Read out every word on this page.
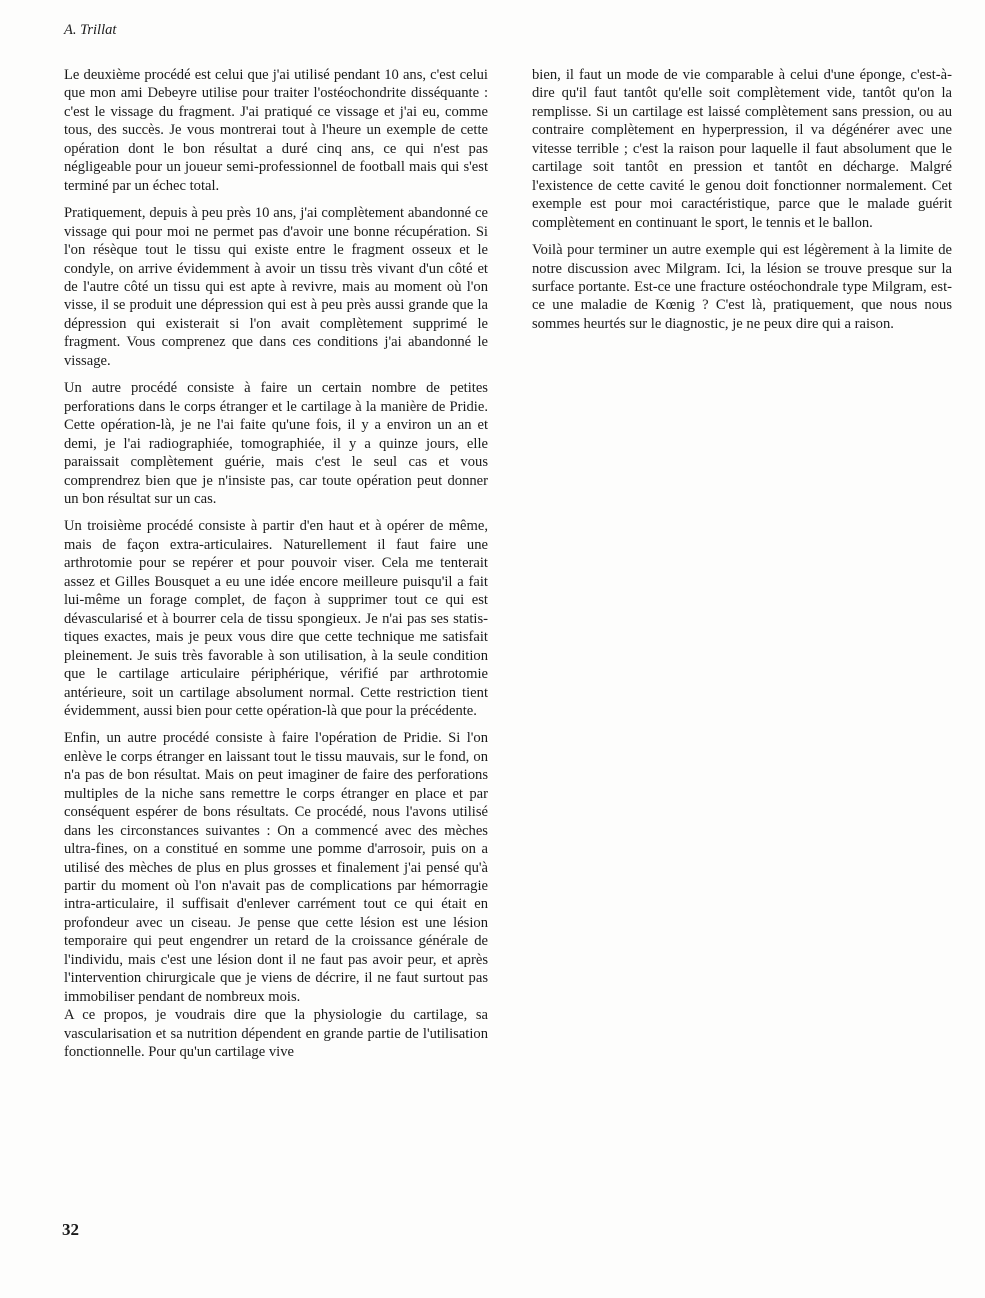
A. Trillat

Le deuxième procédé est celui que j'ai utilisé pendant 10 ans, c'est celui que mon ami Debeyre utilise pour traiter l'ostéochondrite disséquante : c'est le vissage du fragment. J'ai pratiqué ce vissage et j'ai eu, comme tous, des succès. Je vous montrerai tout à l'heure un exemple de cette opération dont le bon résultat a duré cinq ans, ce qui n'est pas négligeable pour un joueur semi-professionnel de football mais qui s'est terminé par un échec total.

Pratiquement, depuis à peu près 10 ans, j'ai complètement abandonné ce vissage qui pour moi ne permet pas d'avoir une bonne récupération. Si l'on résèque tout le tissu qui existe entre le fragment osseux et le condyle, on arrive évidemment à avoir un tissu très vivant d'un côté et de l'autre côté un tissu qui est apte à revivre, mais au moment où l'on visse, il se produit une dépression qui est à peu près aussi grande que la dépression qui existerait si l'on avait complètement supprimé le fragment. Vous comprenez que dans ces conditions j'ai abandonné le vissage.

Un autre procédé consiste à faire un certain nombre de petites perforations dans le corps étranger et le cartilage à la manière de Pridie. Cette opération-là, je ne l'ai faite qu'une fois, il y a environ un an et demi, je l'ai radiographiée, tomographiée, il y a quinze jours, elle paraissait complètement guérie, mais c'est le seul cas et vous comprendrez bien que je n'insiste pas, car toute opération peut donner un bon résultat sur un cas.

Un troisième procédé consiste à partir d'en haut et à opérer de même, mais de façon extra-articulaires. Naturellement il faut faire une arthrotomie pour se repérer et pour pouvoir viser. Cela me tenterait assez et Gilles Bousquet a eu une idée encore meilleure puisqu'il a fait lui-même un forage complet, de façon à supprimer tout ce qui est dévascularisé et à bourrer cela de tissu spongieux. Je n'ai pas ses statistiques exactes, mais je peux vous dire que cette technique me satisfait pleinement. Je suis très favorable à son utilisation, à la seule condition que le cartilage articulaire périphérique, vérifié par arthrotomie antérieure, soit un cartilage absolument normal. Cette restriction tient évidemment, aussi bien pour cette opération-là que pour la précédente.

Enfin, un autre procédé consiste à faire l'opération de Pridie. Si l'on enlève le corps étranger en laissant tout le tissu mauvais, sur le fond, on n'a pas de bon résultat. Mais on peut imaginer de faire des perforations multiples de la niche sans remettre le corps étranger en place et par conséquent espérer de bons résultats. Ce procédé, nous l'avons utilisé dans les circonstances suivantes : On a commencé avec des mèches ultra-fines, on a constitué en somme une pomme d'arrosoir, puis on a utilisé des mèches de plus en plus grosses et finalement j'ai pensé qu'à partir du moment où l'on n'avait pas de complications par hémorragie intra-articulaire, il suffisait d'enlever carrément tout ce qui était en profondeur avec un ciseau. Je pense que cette lésion est une lésion temporaire qui peut engendrer un retard de la croissance générale de l'individu, mais c'est une lésion dont il ne faut pas avoir peur, et après l'intervention chirurgicale que je viens de décrire, il ne faut surtout pas immobiliser pendant de nombreux mois.

A ce propos, je voudrais dire que la physiologie du cartilage, sa vascularisation et sa nutrition dépendent en grande partie de l'utilisation fonctionnelle. Pour qu'un cartilage vive

bien, il faut un mode de vie comparable à celui d'une éponge, c'est-à-dire qu'il faut tantôt qu'elle soit complètement vide, tantôt qu'on la remplisse. Si un cartilage est laissé complètement sans pression, ou au contraire complètement en hyperpression, il va dégénérer avec une vitesse terrible ; c'est la raison pour laquelle il faut absolument que le cartilage soit tantôt en pression et tantôt en décharge. Malgré l'existence de cette cavité le genou doit fonctionner normalement. Cet exemple est pour moi caractéristique, parce que le malade guérit complètement en continuant le sport, le tennis et le ballon.

Voilà pour terminer un autre exemple qui est légèrement à la limite de notre discussion avec Milgram. Ici, la lésion se trouve presque sur la surface portante. Est-ce une fracture ostéochondrale type Milgram, est-ce une maladie de Kœnig ? C'est là, pratiquement, que nous nous sommes heurtés sur le diagnostic, je ne peux dire qui a raison.

32
